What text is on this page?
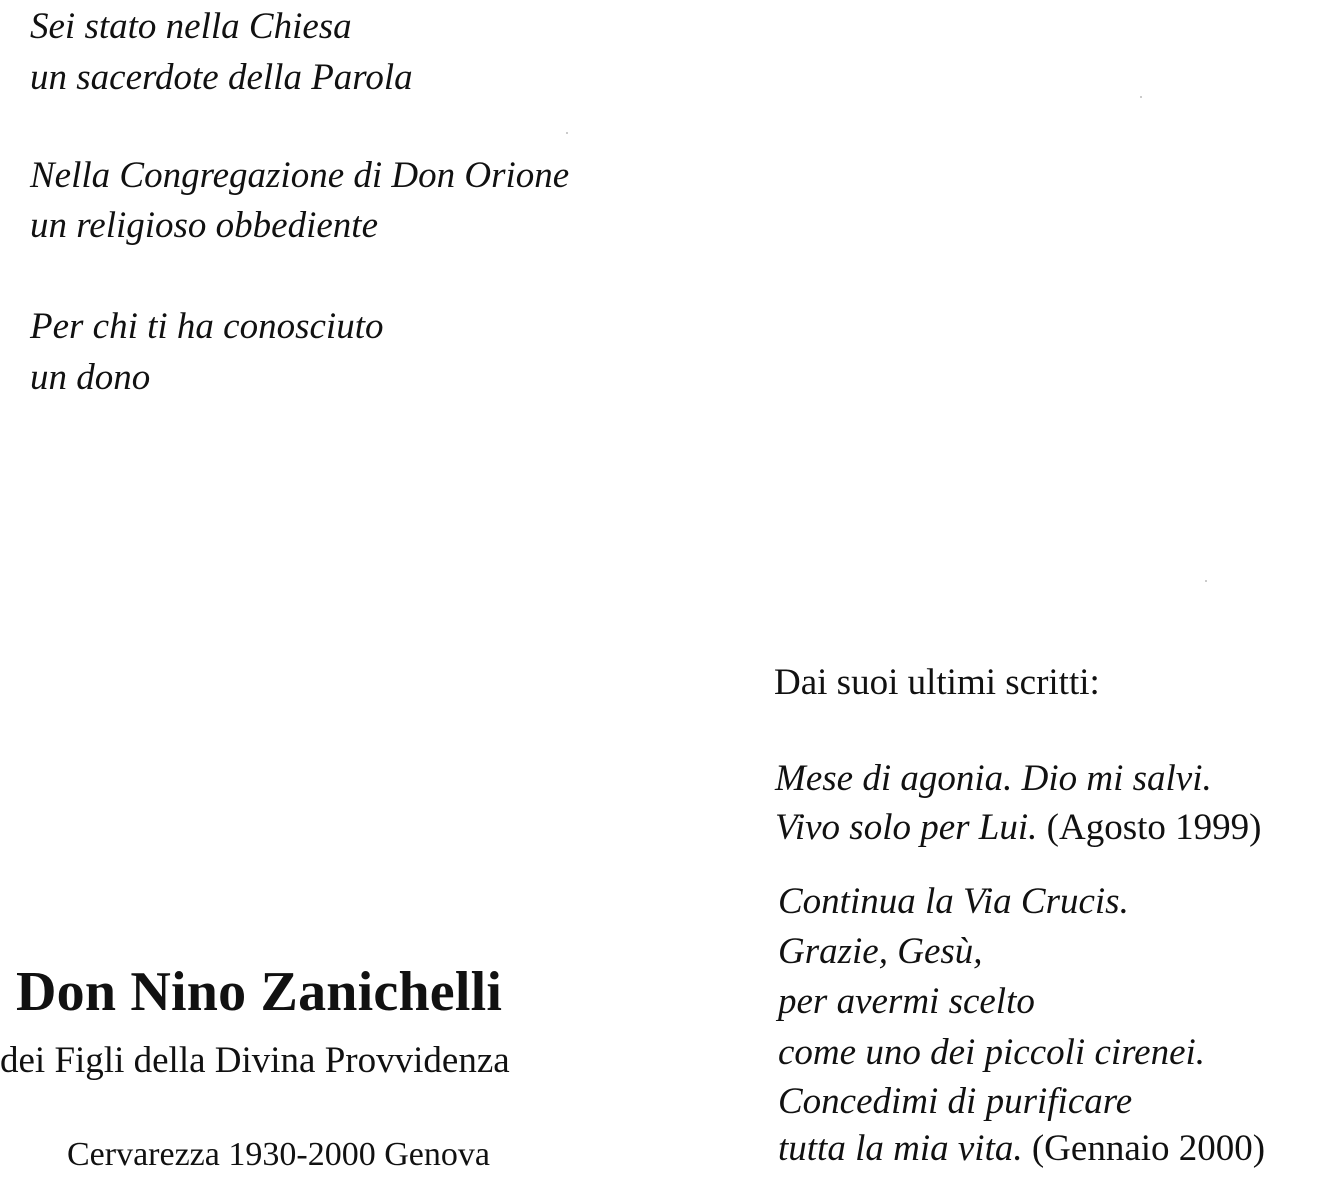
Sei stato nella Chiesa

un sacerdote della Parola

Nella Congregazione di Don Orione

un religioso obbediente

Per chi ti ha conosciuto

un dono

Dai suoi ultimi scritti:

Mese di agonia. Dio mi salvi.

Vivo solo per Lui. (Agosto 1999)

Continua la Via Crucis.

Grazie, Gesù,

per avermi scelto

come uno dei piccoli cirenei.

Concedimi di purificare

tutta la mia vita. (Gennaio 2000)

Don Nino Zanichelli

dei Figli della Divina Provvidenza

Cervarezza 1930-2000 Genova
